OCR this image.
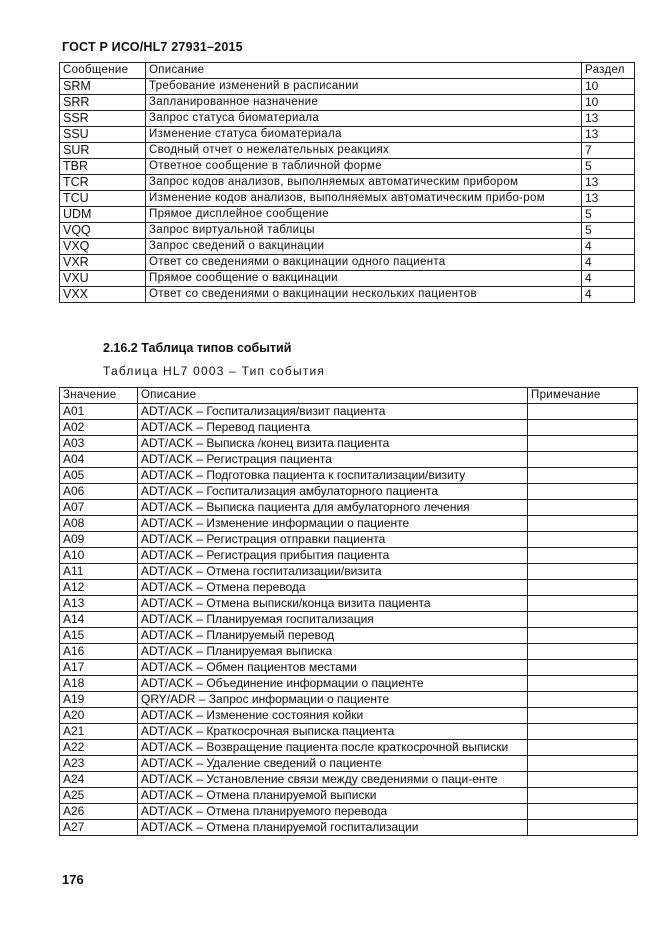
ГОСТ Р ИСО/HL7 27931–2015
Сообщение	Описание	Раздел
SRM	Требование изменений в расписании	10
SRR	Запланированное назначение	10
SSR	Запрос статуса биоматериала	13
SSU	Изменение статуса биоматериала	13
SUR	Сводный отчет о нежелательных реакциях	7
TBR	Ответное сообщение в табличной форме	5
TCR	Запрос кодов анализов, выполняемых автоматическим прибором	13
TCU	Изменение кодов анализов, выполняемых автоматическим прибо-ром	13
UDM	Прямое дисплейное сообщение	5
VQQ	Запрос виртуальной таблицы	5
VXQ	Запрос сведений о вакцинации	4
VXR	Ответ со сведениями о вакцинации одного пациента	4
VXU	Прямое сообщение о вакцинации	4
VXX	Ответ со сведениями о вакцинации нескольких пациентов	4
2.16.2 Таблица типов событий
Таблица HL7 0003 – Тип события
Значение	Описание	Примечание
A01	ADT/ACK – Госпитализация/визит пациента	
A02	ADT/ACK – Перевод пациента	
A03	ADT/ACK – Выписка /конец визита пациента	
A04	ADT/ACK – Регистрация пациента	
A05	ADT/ACK – Подготовка пациента к госпитализации/визиту	
A06	ADT/ACK – Госпитализация амбулаторного пациента	
A07	ADT/ACK – Выписка пациента для амбулаторного лечения	
A08	ADT/ACK – Изменение информации о пациенте	
A09	ADT/ACK – Регистрация отправки пациента	
A10	ADT/ACK – Регистрация прибытия пациента	
A11	ADT/ACK – Отмена госпитализации/визита	
A12	ADT/ACK – Отмена перевода	
A13	ADT/ACK – Отмена выписки/конца визита пациента	
A14	ADT/ACK – Планируемая госпитализация	
A15	ADT/ACK – Планируемый перевод	
A16	ADT/ACK – Планируемая выписка	
A17	ADT/ACK – Обмен пациентов местами	
A18	ADT/ACK – Объединение информации о пациенте	
A19	QRY/ADR – Запрос информации о пациенте	
A20	ADT/ACK – Изменение состояния койки	
A21	ADT/ACK – Краткосрочная выписка пациента	
A22	ADT/ACK – Возвращение пациента после краткосрочной выписки	
A23	ADT/ACK – Удаление сведений о пациенте	
A24	ADT/ACK – Установление связи между сведениями о паци-енте	
A25	ADT/ACK – Отмена планируемой выписки	
A26	ADT/ACK – Отмена планируемого перевода	
A27	ADT/ACK – Отмена планируемой госпитализации	
176
